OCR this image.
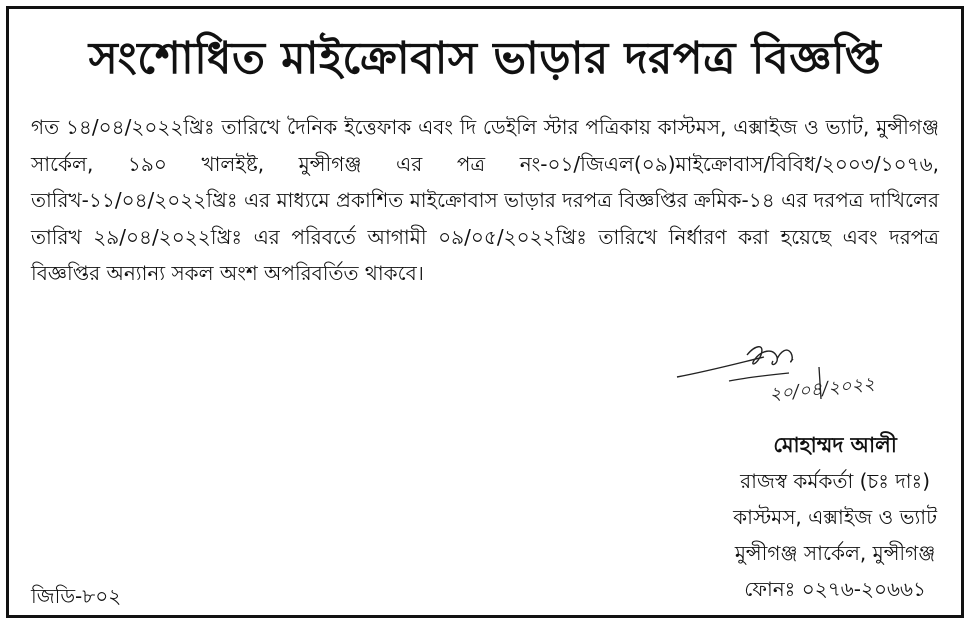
সংশোধিত মাইক্রোবাস ভাড়ার দরপত্র বিজ্ঞপ্তি
গত ১৪/০৪/২০২২খ্রিঃ তারিখে দৈনিক ইত্তেফাক এবং দি ডেইলি স্টার পত্রিকায় কাস্টমস, এক্সাইজ ও ভ্যাট, মুন্সীগঞ্জ সার্কেল, ১৯০ খালইষ্ট, মুন্সীগঞ্জ এর পত্র নং-০১/জিএল(০৯)মাইক্রোবাস/বিবিধ/২০০৩/১০৭৬, তারিখ-১১/০৪/২০২২খ্রিঃ এর মাধ্যমে প্রকাশিত মাইক্রোবাস ভাড়ার দরপত্র বিজ্ঞপ্তির ক্রমিক-১৪ এর দরপত্র দাখিলের তারিখ ২৯/০৪/২০২২খ্রিঃ এর পরিবর্তে আগামী ০৯/০৫/২০২২খ্রিঃ তারিখে নির্ধারণ করা হয়েছে এবং দরপত্র বিজ্ঞপ্তির অন্যান্য সকল অংশ অপরিবর্তিত থাকবে।
২০/০৪/২০২২
মোহাম্মদ আলী
রাজস্ব কর্মকর্তা (চঃ দাঃ)
কাস্টমস, এক্সাইজ ও ভ্যাট
মুন্সীগঞ্জ সার্কেল, মুন্সীগঞ্জ
ফোনঃ ০২৭৬-২০৬৬১
জিডি-৮০২
